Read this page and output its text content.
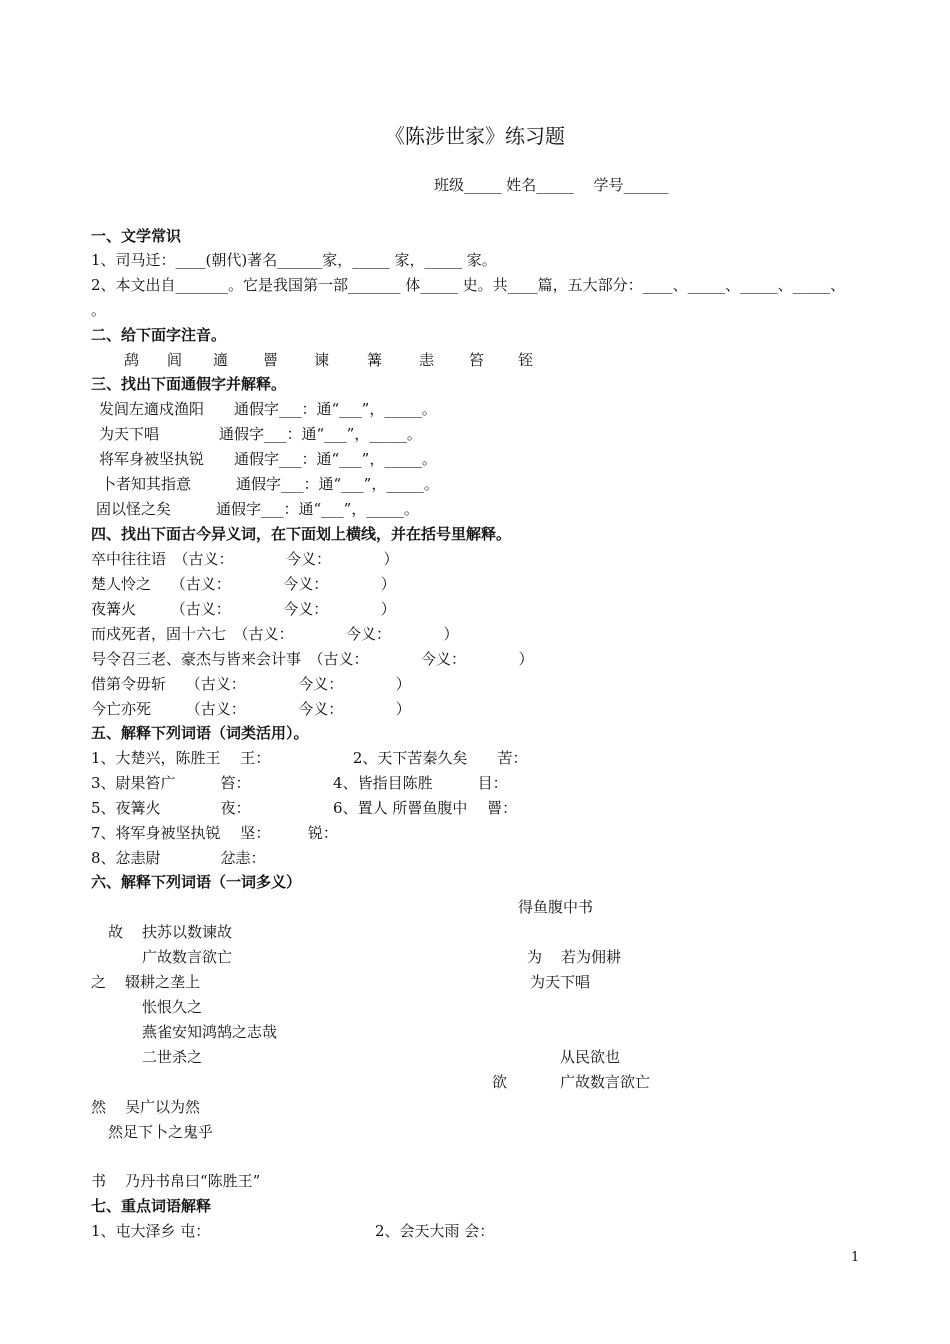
《陈涉世家》练习题
班级_____ 姓名_____ 　学号______
一、文学常识
1、司马迁：____(朝代)著名______家，_____ 家，_____ 家。
2、本文出自_______。它是我国第一部_______ 体_____ 史。共____篇，五大部分：____、_____、_____、_____、
。
二、给下面字注音。
鸹 闾 適 罾 谏	篝 恚 笞 铚
三、找出下面通假字并解释。
发闾左適戍渔阳　　通假字___：通“___”，_____。
为天下唱　　　　通假字___：通“___”，_____。
将军身被坚执锐　　通假字___：通“___”，_____。
卜者知其指意　　　通假字___：通“___”，_____。
固以怪之矣　　　通假字___：通“___”，_____。
四、找出下面古今异义词，在下面划上横线，并在括号里解释。
卒中往往语　（古义：　　　　今义：　　　　）
楚人怜之　 （古义：　　　　今义：　　　　）
夜篝火　　 （古义：　　　　今义：　　　　）
而戍死者，固十六七　（古义：　　　　今义：　　　　）
号令召三老、豪杰与皆来会计事　（古义：　　　　今义：　　　　）
借第令毋斩　 （古义：　　　　今义：　　　　）
今亡亦死　　 （古义：　　　　今义：　　　　）
五、解释下列词语（词类活用）。
1、大楚兴，陈胜王　 王：　　　　　　2、天下苦秦久矣　　苦：
3、尉果笞广　　　笞：　　　　　　4、皆指目陈胜　　　目：
5、夜篝火　　　　夜：　　　　　　6、置人 所罾鱼腹中　 罾：
7、将军身被坚执锐　 坚：　　　锐：
8、忿恚尉　　　　忿恚：
六、解释下列词语（一词多义）
得鱼腹中书
故 扶苏以数谏故
广故数言欲亡	为 若为佣耕
之 辍耕之垄上	为天下唱
怅恨久之
燕雀安知鸿鹄之志哉
二世杀之	从民欲也
欲	广故数言欲亡
然 吴广以为然
然足下卜之鬼乎
书 乃丹书帛曰“陈胜王”
七、重点词语解释
1、屯大泽乡 屯：	2、会天大雨 会：
1
